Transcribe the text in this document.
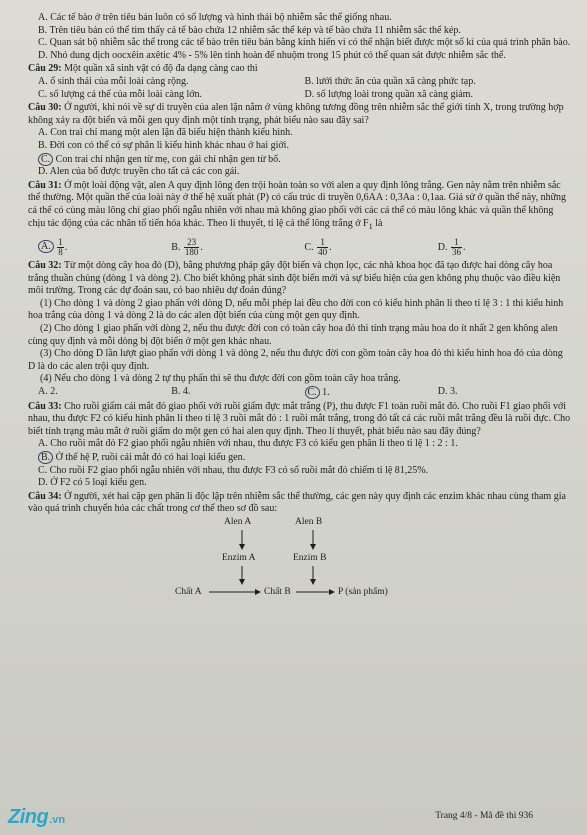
A. Các tế bào ở trên tiêu bản luôn có số lượng và hình thái bộ nhiễm sắc thể giống nhau.

B. Trên tiêu bản có thể tìm thấy cả tế bào chứa 12 nhiễm sắc thể kép và tế bào chứa 11 nhiễm sắc thể kép.

C. Quan sát bộ nhiễm sắc thể trong các tế bào trên tiêu bản bằng kính hiển vi có thể nhận biết được một số kì của quá trình phân bào.

D. Nhỏ dung dịch oocxêin axêtic 4% - 5% lên tinh hoàn để nhuộm trong 15 phút có thể quan sát được nhiễm sắc thể.

Câu 29: Một quần xã sinh vật có độ đa dạng càng cao thì

A. ổ sinh thái của mỗi loài càng rộng.	B. lưới thức ăn của quần xã càng phức tạp.
C. số lượng cá thể của mỗi loài càng lớn.	D. số lượng loài trong quần xã càng giảm.

Câu 30: Ở người, khi nói về sự di truyền của alen lặn nằm ở vùng không tương đồng trên nhiễm sắc thể giới tính X, trong trường hợp không xảy ra đột biến và mỗi gen quy định một tính trạng, phát biểu nào sau đây sai?

A. Con trai chỉ mang một alen lặn đã biểu hiện thành kiểu hình.

B. Đời con có thể có sự phân li kiểu hình khác nhau ở hai giới.

C. Con trai chỉ nhận gen từ mẹ, con gái chỉ nhận gen từ bố.

D. Alen của bố được truyền cho tất cả các con gái.

Câu 31: Ở một loài động vật, alen A quy định lông đen trội hoàn toàn so với alen a quy định lông trắng. Gen này nằm trên nhiễm sắc thể thường. Một quần thể của loài này ở thế hệ xuất phát (P) có cấu trúc di truyền 0,6AA : 0,3Aa : 0,1aa. Giả sử ở quần thể này, những cá thể có cùng màu lông chỉ giao phối ngẫu nhiên với nhau mà không giao phối với các cá thể có màu lông khác và quần thể không chịu tác động của các nhân tố tiến hóa khác. Theo lí thuyết, tỉ lệ cá thể lông trắng ở $F_1$ là

A. $\frac{1}{8}$ .	B. $\frac{23}{180}$ .	C. $\frac{1}{40}$ .	D. $\frac{1}{36}$ .

Câu 32: Từ một dòng cây hoa đỏ (D), bằng phương pháp gây đột biến và chọn lọc, các nhà khoa học đã tạo được hai dòng cây hoa trắng thuần chủng (dòng 1 và dòng 2). Cho biết không phát sinh đột biến mới và sự biểu hiện của gen không phụ thuộc vào điều kiện môi trường. Trong các dự đoán sau, có bao nhiêu dự đoán đúng?

(1) Cho dòng 1 và dòng 2 giao phấn với dòng D, nếu mỗi phép lai đều cho đời con có kiểu hình phân li theo tỉ lệ 3 : 1 thì kiểu hình hoa trắng của dòng 1 và dòng 2 là do các alen đột biến của cùng một gen quy định.

(2) Cho dòng 1 giao phấn với dòng 2, nếu thu được đời con có toàn cây hoa đỏ thì tính trạng màu hoa do ít nhất 2 gen không alen cùng quy định và mỗi dòng bị đột biến ở một gen khác nhau.

(3) Cho dòng D lần lượt giao phấn với dòng 1 và dòng 2, nếu thu được đời con gồm toàn cây hoa đỏ thì kiểu hình hoa đỏ của dòng D là do các alen trội quy định.

(4) Nếu cho dòng 1 và dòng 2 tự thụ phấn thì sẽ thu được đời con gồm toàn cây hoa trắng.

A. 2.	B. 4.	C. 1.	D. 3.

Câu 33: Cho ruồi giấm cái mắt đỏ giao phối với ruồi giấm đực mắt trắng (P), thu được F1 toàn ruồi mắt đỏ. Cho ruồi F1 giao phối với nhau, thu được F2 có kiểu hình phân li theo tỉ lệ 3 ruồi mắt đỏ : 1 ruồi mắt trắng, trong đó tất cả các ruồi mắt trắng đều là ruồi đực. Cho biết tính trạng màu mắt ở ruồi giấm do một gen có hai alen quy định. Theo lí thuyết, phát biểu nào sau đây đúng?

A. Cho ruồi mắt đỏ F2 giao phối ngẫu nhiên với nhau, thu được F3 có kiểu gen phân li theo tỉ lệ 1 : 2 : 1.

B. Ở thế hệ P, ruồi cái mắt đỏ có hai loại kiểu gen.

C. Cho ruồi F2 giao phối ngẫu nhiên với nhau, thu được F3 có số ruồi mắt đỏ chiếm tỉ lệ 81,25%.

D. Ở F2 có 5 loại kiểu gen.

Câu 34: Ở người, xét hai cặp gen phân li độc lập trên nhiễm sắc thể thường, các gen này quy định các enzim khác nhau cùng tham gia vào quá trình chuyển hóa các chất trong cơ thể theo sơ đồ sau:

Alen A	Alen B
Enzim A	Enzim B
Chất A	Chất B	P (sản phẩm)
Zing .vn	Trang 4/8 - Mã đề thi 936
